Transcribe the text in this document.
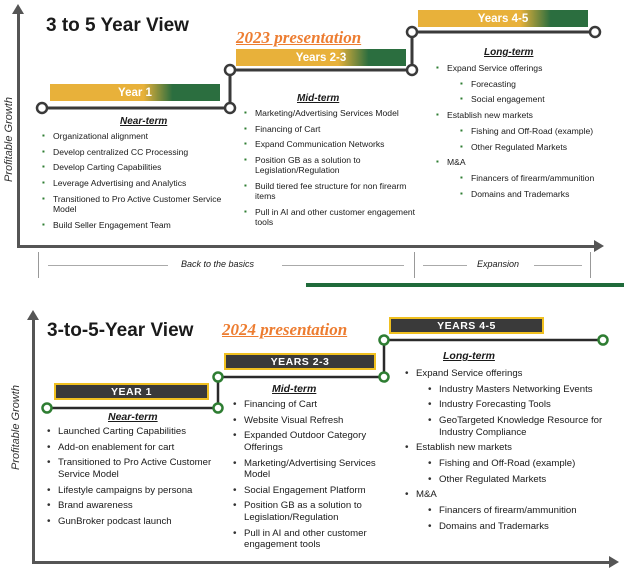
Profitable Growth
3 to 5 Year View
2023 presentation
Year 1
Years 2-3
Years 4-5
Near-term
Mid-term
Long-term
▪ Organizational alignment
▪ Develop centralized CC Processing
▪ Develop Carting Capabilities
▪ Leverage Advertising and Analytics
▪ Transitioned to Pro Active Customer Service Model
▪ Build Seller Engagement Team
▪ Marketing/Advertising Services Model
▪ Financing of Cart
▪ Expand Communication Networks
▪ Position GB as a solution to Legislation/Regulation
▪ Build tiered fee structure for non firearm items
▪ Pull in AI and other customer engagement tools
▪ Expand Service offerings
▪ Forecasting
▪ Social engagement
▪ Establish new markets
▪ Fishing and Off-Road (example)
▪ Other Regulated Markets
▪ M&A
▪ Financers of firearm/ammunition
▪ Domains and Trademarks
Back to the basics	Expansion
Profitable Growth
3-to-5-Year View 2024 presentation
YEAR 1
YEARS 2-3
YEARS 4-5
Near-term
Mid-term
Long-term
• Launched Carting Capabilities
• Add-on enablement for cart
• Transitioned to Pro Active Customer Service Model
• Lifestyle campaigns by persona
• Brand awareness
• GunBroker podcast launch
• Financing of Cart
• Website Visual Refresh
• Expanded Outdoor Category Offerings
• Marketing/Advertising Services Model
• Social Engagement Platform
• Position GB as a solution to Legislation/Regulation
• Pull in AI and other customer engagement tools
• Expand Service offerings
• Industry Masters Networking Events
• Industry Forecasting Tools
• GeoTargeted Knowledge Resource for Industry Compliance
• Establish new markets
• Fishing and Off-Road (example)
• Other Regulated Markets
• M&A
• Financers of firearm/ammunition
• Domains and Trademarks
